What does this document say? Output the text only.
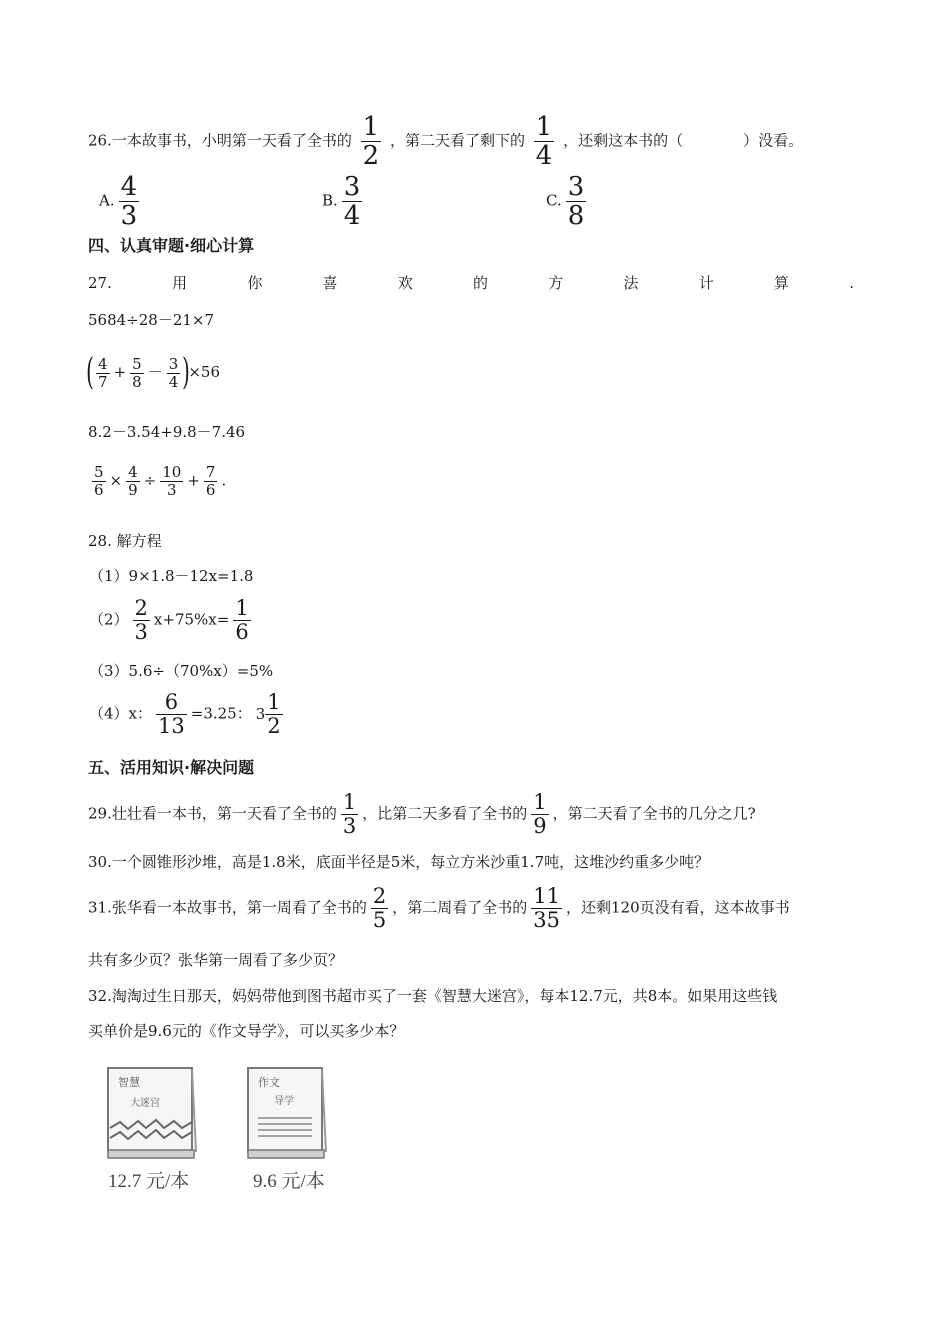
26.一本故事书，小明第一天看了全书的 $\frac{1}{2}$ ，第二天看了剩下的 $\frac{1}{4}$ ，还剩这本书的（　　　　）没看。
A. $\frac{4}{3}$	B. $\frac{3}{4}$	C. $\frac{3}{8}$
四、认真审题·细心计算
27.	用	你	喜	欢	的	方	法	计	算	.
5684÷28－21×7
( $\frac{4}{7} + \frac{5}{8} - \frac{3}{4} )\times 56$
8.2－3.54+9.8－7.46
$\frac{5}{6} \times \frac{4}{9} \div \frac{10}{3} + \frac{7}{6}$ .
28. 解方程
（1）9×1.8－12x=1.8
$(2) \frac{2}{3} x+75\%x= \frac{1}{6}$
（3）5.6÷（70%x）=5%
（4）x： $\frac{6}{13} =3.25$： $3 \frac{1}{2}$
五、活用知识·解决问题
29.壮壮看一本书，第一天看了全书的 $\frac{1}{3}$ ，比第二天多看了全书的 $\frac{1}{9}$ ，第二天看了全书的几分之几?
30.一个圆锥形沙堆，高是1.8米，底面半径是5米，每立方米沙重1.7吨，这堆沙约重多少吨？
31.张华看一本故事书，第一周看了全书的 $\frac{2}{5}$ ，第二周看了全书的 $\frac{11}{35}$ ，还剩120页没有看，这本故事书
共有多少页？张华第一周看了多少页？
32.淘淘过生日那天，妈妈带他到图书超市买了一套《智慧大迷宫》，每本12.7元，共8本。如果用这些钱
买单价是9.6元的《作文导学》，可以买多少本？
智慧
大迷宫
12.7 元/本
作文
导学
9.6 元/本
